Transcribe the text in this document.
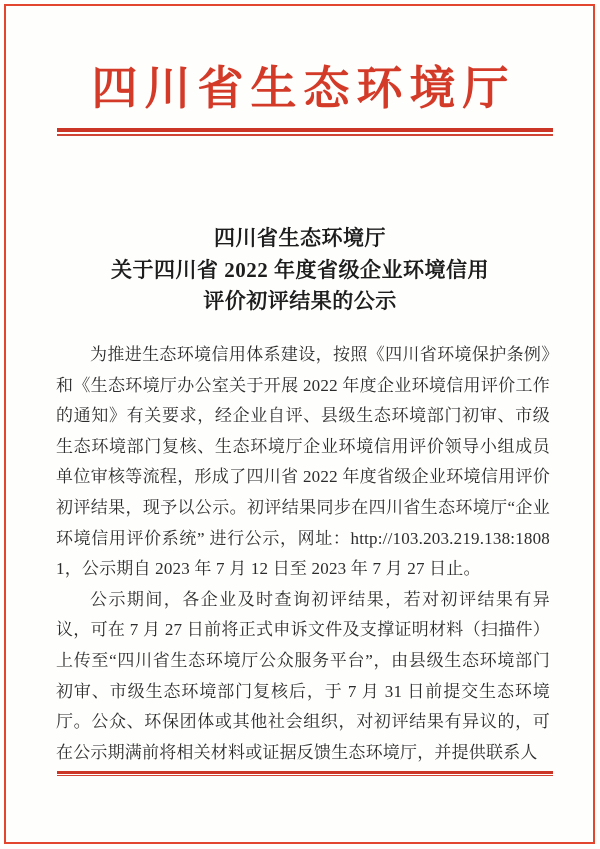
四川省生态环境厅
四川省生态环境厅
关于四川省 2022 年度省级企业环境信用
评价初评结果的公示

为推进生态环境信用体系建设，按照《四川省环境保护条例》和《生态环境厅办公室关于开展 2022 年度企业环境信用评价工作的通知》有关要求，经企业自评、县级生态环境部门初审、市级生态环境部门复核、生态环境厅企业环境信用评价领导小组成员单位审核等流程，形成了四川省 2022 年度省级企业环境信用评价初评结果，现予以公示。初评结果同步在四川省生态环境厅“企业环境信用评价系统” 进行公示，网址：http://103.203.219.138:18081，公示期自 2023 年 7 月 12 日至 2023 年 7 月 27 日止。

公示期间，各企业及时查询初评结果，若对初评结果有异议，可在 7 月 27 日前将正式申诉文件及支撑证明材料（扫描件）上传至“四川省生态环境厅公众服务平台”，由县级生态环境部门初审、市级生态环境部门复核后，于 7 月 31 日前提交生态环境厅。公众、环保团体或其他社会组织，对初评结果有异议的，可在公示期满前将相关材料或证据反馈生态环境厅，并提供联系人
